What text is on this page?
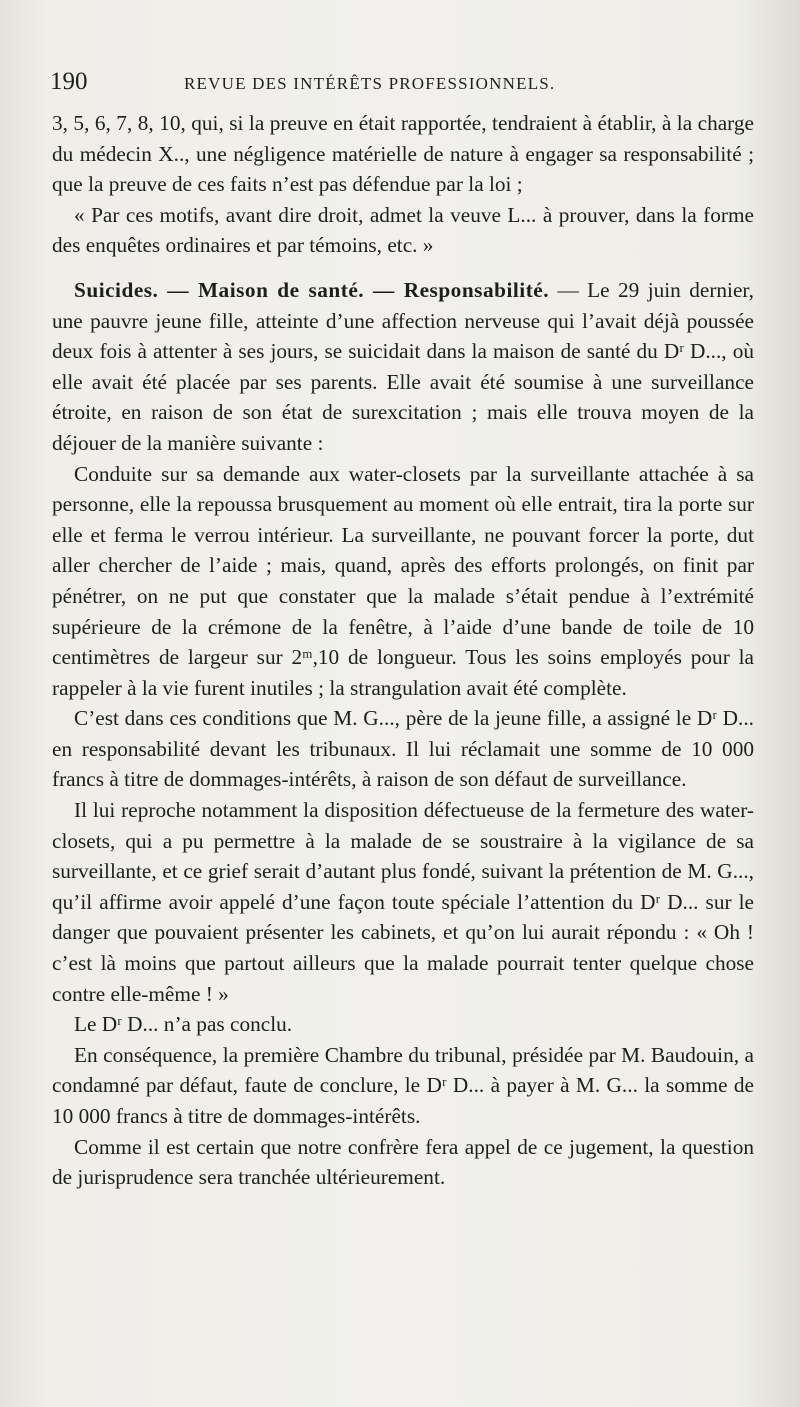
190	REVUE DES INTÉRÊTS PROFESSIONNELS.

3, 5, 6, 7, 8, 10, qui, si la preuve en était rapportée, tendraient à établir, à la charge du médecin X.., une négligence matérielle de nature à engager sa responsabilité ; que la preuve de ces faits n’est pas défendue par la loi ;

« Par ces motifs, avant dire droit, admet la veuve L... à prouver, dans la forme des enquêtes ordinaires et par témoins, etc. »

Suicides. — Maison de santé. — Responsabilité. — Le 29 juin dernier, une pauvre jeune fille, atteinte d’une affection nerveuse qui l’avait déjà poussée deux fois à attenter à ses jours, se suicidait dans la maison de santé du Dʳ D..., où elle avait été placée par ses parents. Elle avait été soumise à une surveillance étroite, en raison de son état de surexcitation ; mais elle trouva moyen de la déjouer de la manière suivante :

Conduite sur sa demande aux water-closets par la surveillante attachée à sa personne, elle la repoussa brusquement au moment où elle entrait, tira la porte sur elle et ferma le verrou intérieur. La surveillante, ne pouvant forcer la porte, dut aller chercher de l’aide ; mais, quand, après des efforts prolongés, on finit par pénétrer, on ne put que constater que la malade s’était pendue à l’extrémité supérieure de la crémone de la fenêtre, à l’aide d’une bande de toile de 10 centimètres de largeur sur 2ᵐ,10 de longueur. Tous les soins employés pour la rappeler à la vie furent inutiles ; la strangulation avait été complète.

C’est dans ces conditions que M. G..., père de la jeune fille, a assigné le Dʳ D... en responsabilité devant les tribunaux. Il lui réclamait une somme de 10 000 francs à titre de dommages-intérêts, à raison de son défaut de surveillance.

Il lui reproche notamment la disposition défectueuse de la fermeture des water-closets, qui a pu permettre à la malade de se soustraire à la vigilance de sa surveillante, et ce grief serait d’autant plus fondé, suivant la prétention de M. G..., qu’il affirme avoir appelé d’une façon toute spéciale l’attention du Dʳ D... sur le danger que pouvaient présenter les cabinets, et qu’on lui aurait répondu : « Oh ! c’est là moins que partout ailleurs que la malade pourrait tenter quelque chose contre elle-même ! »

Le Dʳ D... n’a pas conclu.

En conséquence, la première Chambre du tribunal, présidée par M. Baudouin, a condamné par défaut, faute de conclure, le Dʳ D... à payer à M. G... la somme de 10 000 francs à titre de dommages-intérêts.

Comme il est certain que notre confrère fera appel de ce jugement, la question de jurisprudence sera tranchée ultérieurement.
